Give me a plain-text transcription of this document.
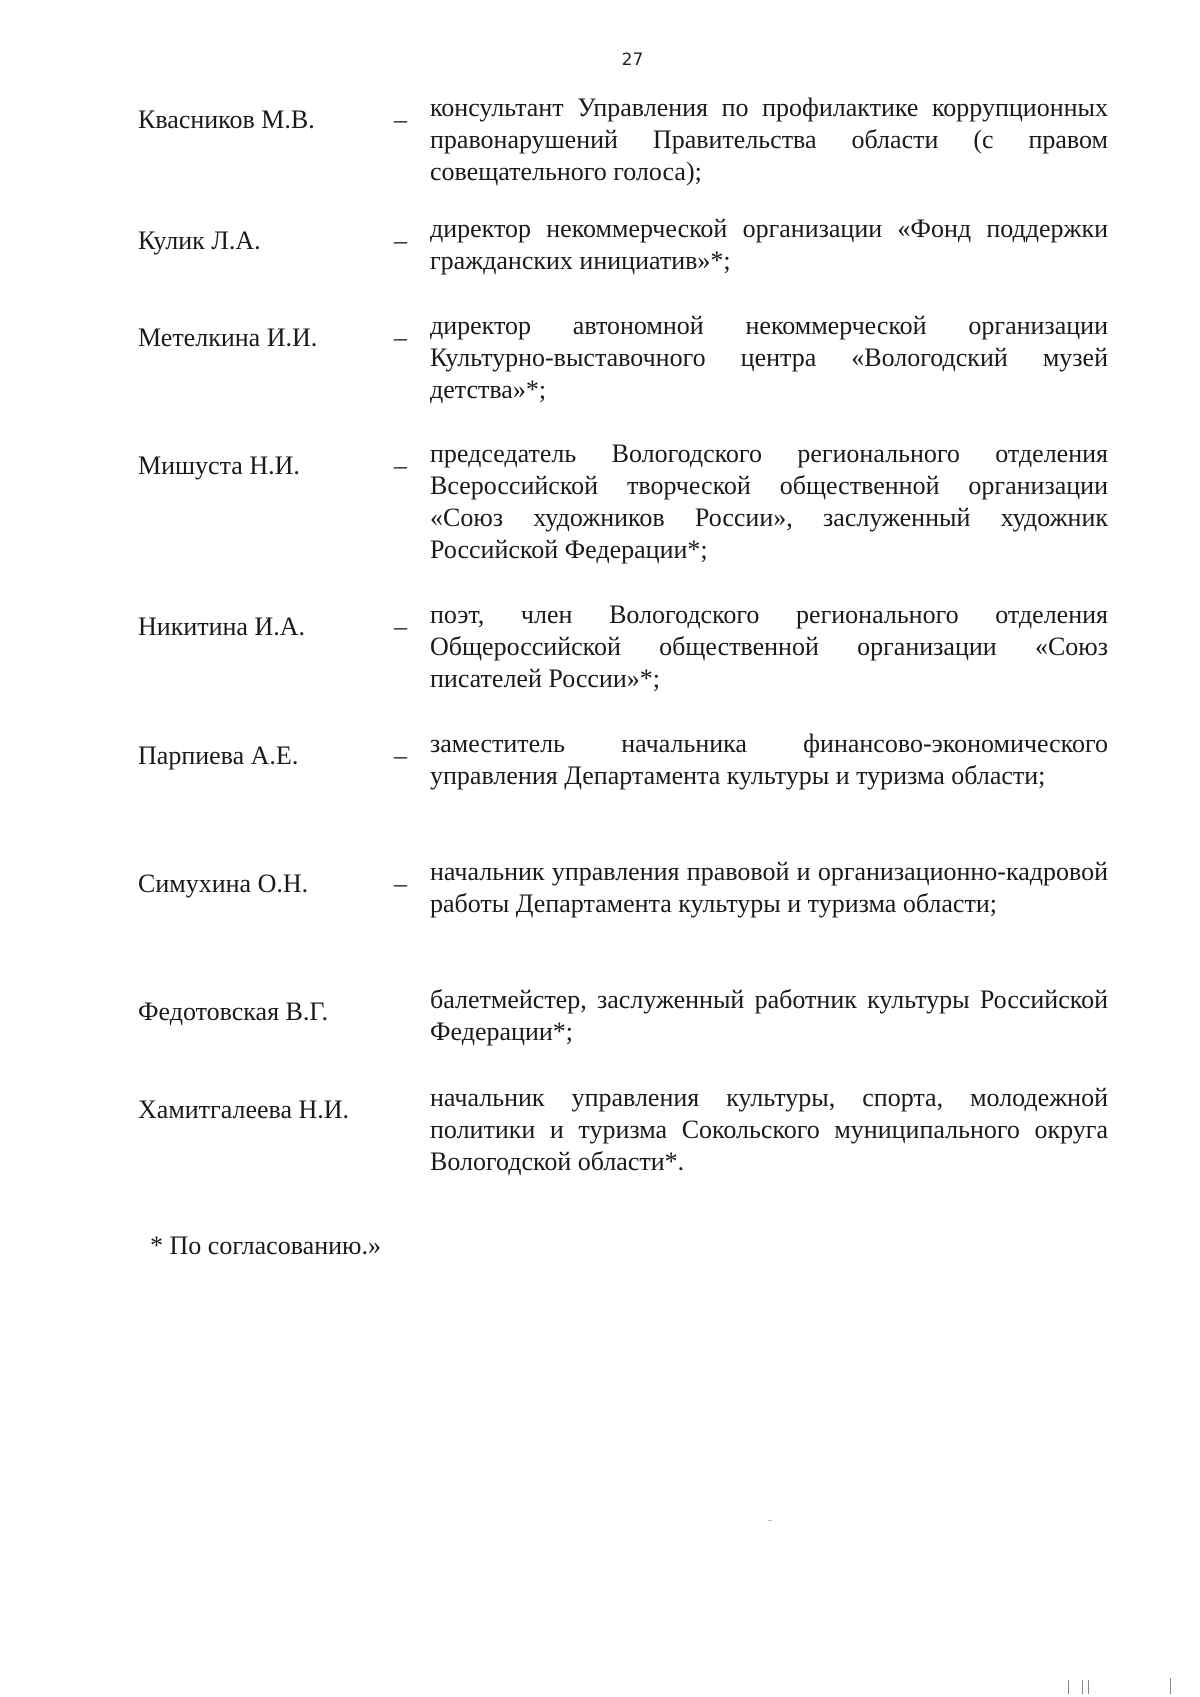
27
Квасников М.В.	– консультант Управления по профилактике коррупционных правонарушений Правительства области (с правом совещательного голоса);
Кулик Л.А.	– директор некоммерческой организации «Фонд поддержки гражданских инициатив»*;
Метелкина И.И.	– директор автономной некоммерческой организации Культурно-выставочного центра «Вологодский музей детства»*;
Мишуста Н.И.	– председатель Вологодского регионального отделения Всероссийской творческой общественной организации «Союз художников России», заслуженный художник Российской Федерации*;
Никитина И.А.	– поэт, член Вологодского регионального отделения Общероссийской общественной организации «Союз писателей России»*;
Парпиева А.Е.	– заместитель начальника финансово-экономического управления Департамента культуры и туризма области;
Симухина О.Н.	– начальник управления правовой и организационно-кадровой работы Департамента культуры и туризма области;
Федотовская В.Г.	балетмейстер, заслуженный работник культуры Российской Федерации*;
Хамитгалеева Н.И.	начальник управления культуры, спорта, молодежной политики и туризма Сокольского муниципального округа Вологодской области*.
* По согласованию.»
